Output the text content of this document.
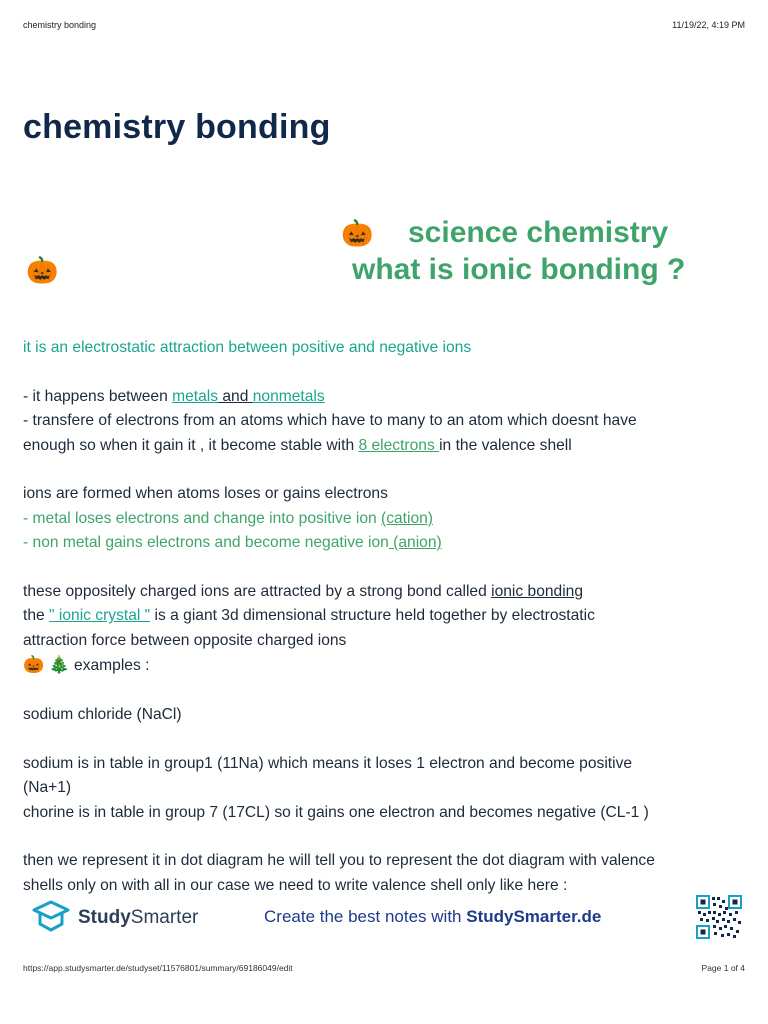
chemistry bonding	11/19/22, 4:19 PM
chemistry bonding
🎃 science chemistry
🎃	what is ionic bonding ?
it is an electrostatic attraction between positive and negative ions
- it happens between metals and nonmetals
- transfere of electrons from an atoms which have to many to an atom which doesnt have
enough so when it gain it , it become stable with 8 electrons in the valence shell
ions are formed when atoms loses or gains electrons
- metal loses electrons and change into positive ion (cation)
- non metal gains electrons and become negative ion (anion)
these oppositely charged ions are attracted by a strong bond called ionic bonding
the " ionic crystal " is a giant 3d dimensional structure held together by electrostatic
attraction force between opposite charged ions
🎃 🎄 examples :
sodium chloride (NaCl)
sodium is in table in group1 (11Na) which means it loses 1 electron and become positive
(Na+1)
chorine is in table in group 7 (17CL) so it gains one electron and becomes negative (CL-1 )
then we represent it in dot diagram he will tell you to represent the dot diagram with valence
shells only on with all in our case we need to write valence shell only like here :
StudySmarter	Create the best notes with StudySmarter.de
https://app.studysmarter.de/studyset/11576801/summary/69186049/edit	Page 1 of 4
